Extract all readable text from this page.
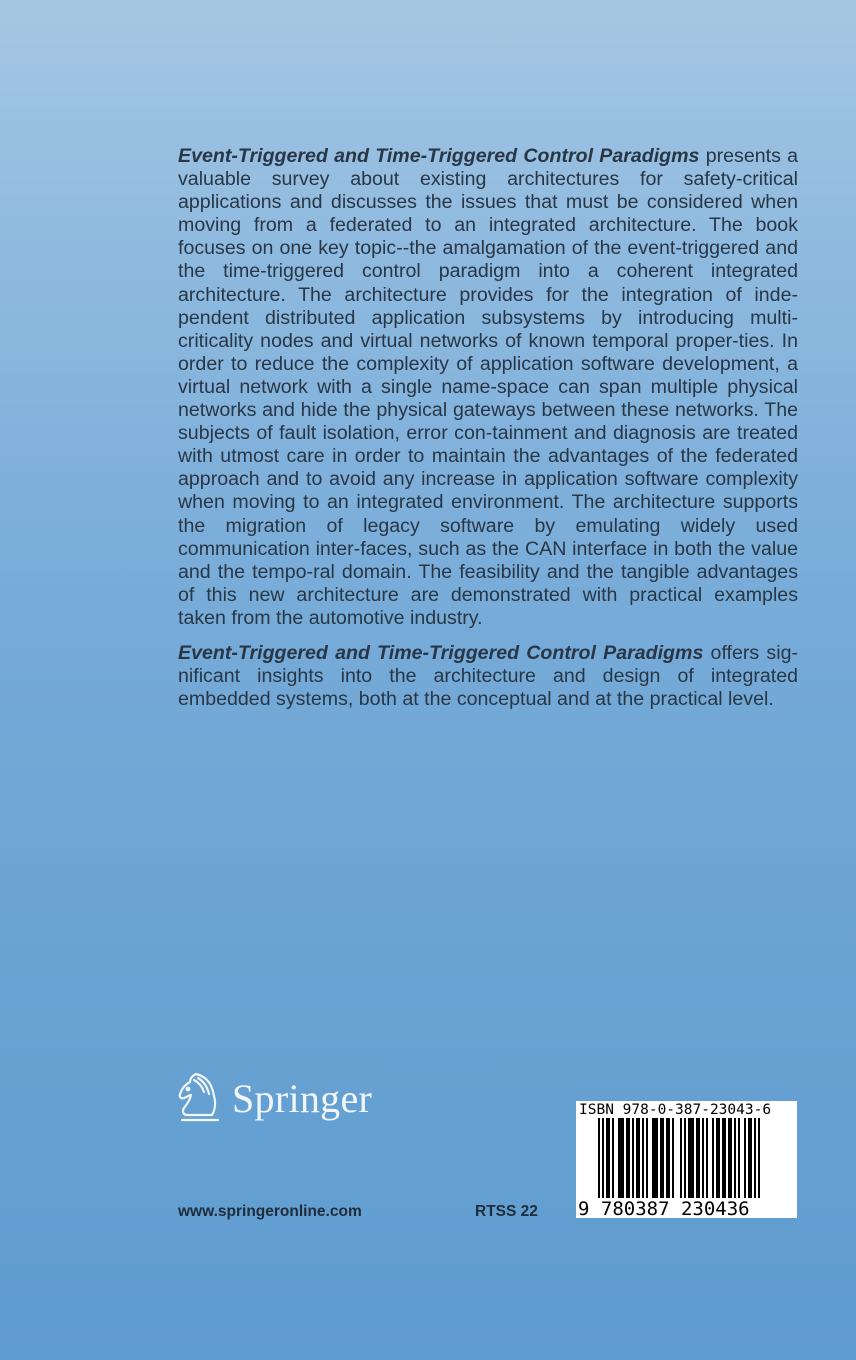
Event-Triggered and Time-Triggered Control Paradigms presents a valuable survey about existing architectures for safety-critical applications and discusses the issues that must be considered when moving from a federated to an integrated architecture. The book focuses on one key topic--the amalgamation of the event-triggered and the time-triggered control paradigm into a coherent integrated architecture. The architecture provides for the integration of inde-pendent distributed application subsystems by introducing multi-criticality nodes and virtual networks of known temporal proper-ties. In order to reduce the complexity of application software development, a virtual network with a single name-space can span multiple physical networks and hide the physical gateways between these networks. The subjects of fault isolation, error con-tainment and diagnosis are treated with utmost care in order to maintain the advantages of the federated approach and to avoid any increase in application software complexity when moving to an integrated environment. The architecture supports the migration of legacy software by emulating widely used communication inter-faces, such as the CAN interface in both the value and the tempo-ral domain. The feasibility and the tangible advantages of this new architecture are demonstrated with practical examples taken from the automotive industry.

Event-Triggered and Time-Triggered Control Paradigms offers sig-nificant insights into the architecture and design of integrated embedded systems, both at the conceptual and at the practical level.

Springer
www.springeronline.com	RTSS 22
ISBN 978-0-387-23043-6
9 780387 230436
